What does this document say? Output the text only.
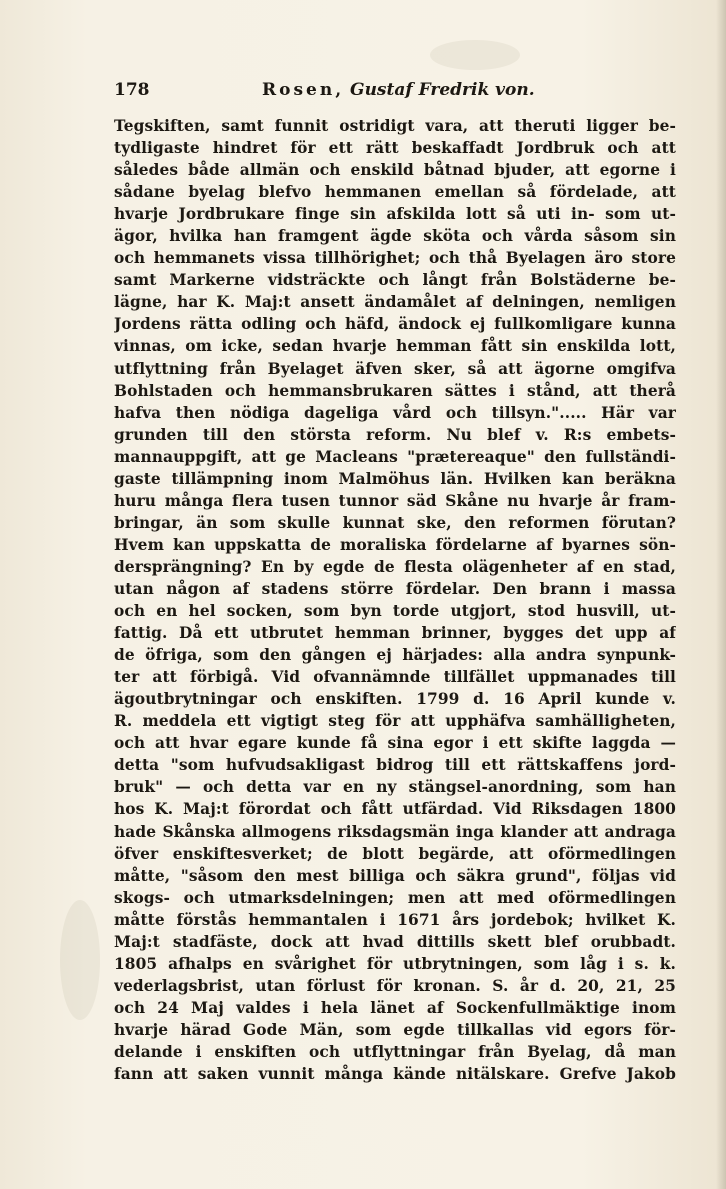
178	Rosen, Gustaf Fredrik von.
Tegskiften, samt funnit ostridigt vara, att theruti ligger be-
tydligaste hindret för ett rätt beskaffadt Jordbruk och att
således både allmän och enskild båtnad bjuder, att egorne i
sådane byelag blefvo hemmanen emellan så fördelade, att
hvarje Jordbrukare finge sin afskilda lott så uti in- som ut-
ägor, hvilka han framgent ägde sköta och vårda såsom sin
och hemmanets vissa tillhörighet; och thå Byelagen äro store
samt Markerne vidsträckte och långt från Bolstäderne be-
lägne, har K. Maj:t ansett ändamålet af delningen, nemligen
Jordens rätta odling och häfd, ändock ej fullkomligare kunna
vinnas, om icke, sedan hvarje hemman fått sin enskilda lott,
utflyttning från Byelaget äfven sker, så att ägorne omgifva
Bohlstaden och hemmansbrukaren sättes i stånd, att therå
hafva then nödiga dageliga vård och tillsyn."..... Här var
grunden till den största reform. Nu blef v. R:s embets-
mannauppgift, att ge Macleans "prætereaque" den fullständi-
gaste tillämpning inom Malmöhus län. Hvilken kan beräkna
huru många flera tusen tunnor säd Skåne nu hvarje år fram-
bringar, än som skulle kunnat ske, den reformen förutan?
Hvem kan uppskatta de moraliska fördelarne af byarnes sön-
dersprängning? En by egde de flesta olägenheter af en stad,
utan någon af stadens större fördelar. Den brann i massa
och en hel socken, som byn torde utgjort, stod husvill, ut-
fattig. Då ett utbrutet hemman brinner, bygges det upp af
de öfriga, som den gången ej härjades: alla andra synpunk-
ter att förbigå. Vid ofvannämnde tillfället uppmanades till
ägoutbrytningar och enskiften. 1799 d. 16 April kunde v.
R. meddela ett vigtigt steg för att upphäfva samhälligheten,
och att hvar egare kunde få sina egor i ett skifte laggda —
detta "som hufvudsakligast bidrog till ett rättskaffens jord-
bruk" — och detta var en ny stängsel-anordning, som han
hos K. Maj:t förordat och fått utfärdad. Vid Riksdagen 1800
hade Skånska allmogens riksdagsmän inga klander att andraga
öfver enskiftesverket; de blott begärde, att oförmedlingen
måtte, "såsom den mest billiga och säkra grund", följas vid
skogs- och utmarksdelningen; men att med oförmedlingen
måtte förstås hemmantalen i 1671 års jordebok; hvilket K.
Maj:t stadfäste, dock att hvad dittills skett blef orubbadt.
1805 afhalps en svårighet för utbrytningen, som låg i s. k.
vederlagsbrist, utan förlust för kronan. S. år d. 20, 21, 25
och 24 Maj valdes i hela länet af Sockenfullmäktige inom
hvarje härad Gode Män, som egde tillkallas vid egors för-
delande i enskiften och utflyttningar från Byelag, då man
fann att saken vunnit många kände nitälskare. Grefve Jakob
